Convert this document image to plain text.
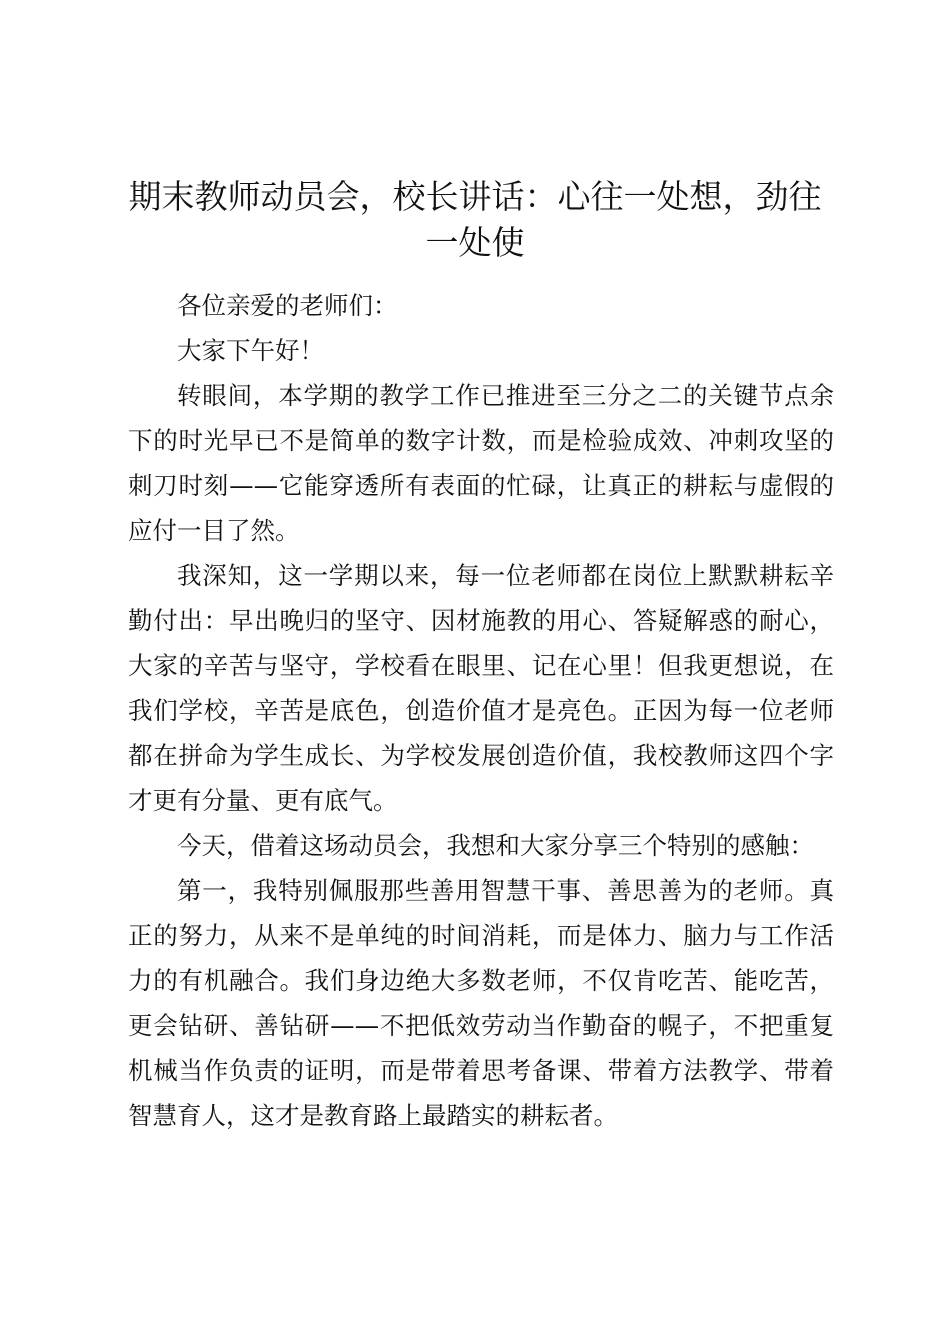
期末教师动员会，校长讲话：心往一处想，劲往一处使

各位亲爱的老师们：

大家下午好！

转眼间，本学期的教学工作已推进至三分之二的关键节点余下的时光早已不是简单的数字计数，而是检验成效、冲刺攻坚的刺刀时刻——它能穿透所有表面的忙碌，让真正的耕耘与虚假的应付一目了然。

我深知，这一学期以来，每一位老师都在岗位上默默耕耘辛勤付出：早出晚归的坚守、因材施教的用心、答疑解惑的耐心，大家的辛苦与坚守，学校看在眼里、记在心里！但我更想说，在我们学校，辛苦是底色，创造价值才是亮色。正因为每一位老师都在拼命为学生成长、为学校发展创造价值，我校教师这四个字才更有分量、更有底气。

今天，借着这场动员会，我想和大家分享三个特别的感触：

第一，我特别佩服那些善用智慧干事、善思善为的老师。真正的努力，从来不是单纯的时间消耗，而是体力、脑力与工作活力的有机融合。我们身边绝大多数老师，不仅肯吃苦、能吃苦，更会钻研、善钻研——不把低效劳动当作勤奋的幌子，不把重复机械当作负责的证明，而是带着思考备课、带着方法教学、带着智慧育人，这才是教育路上最踏实的耕耘者。
